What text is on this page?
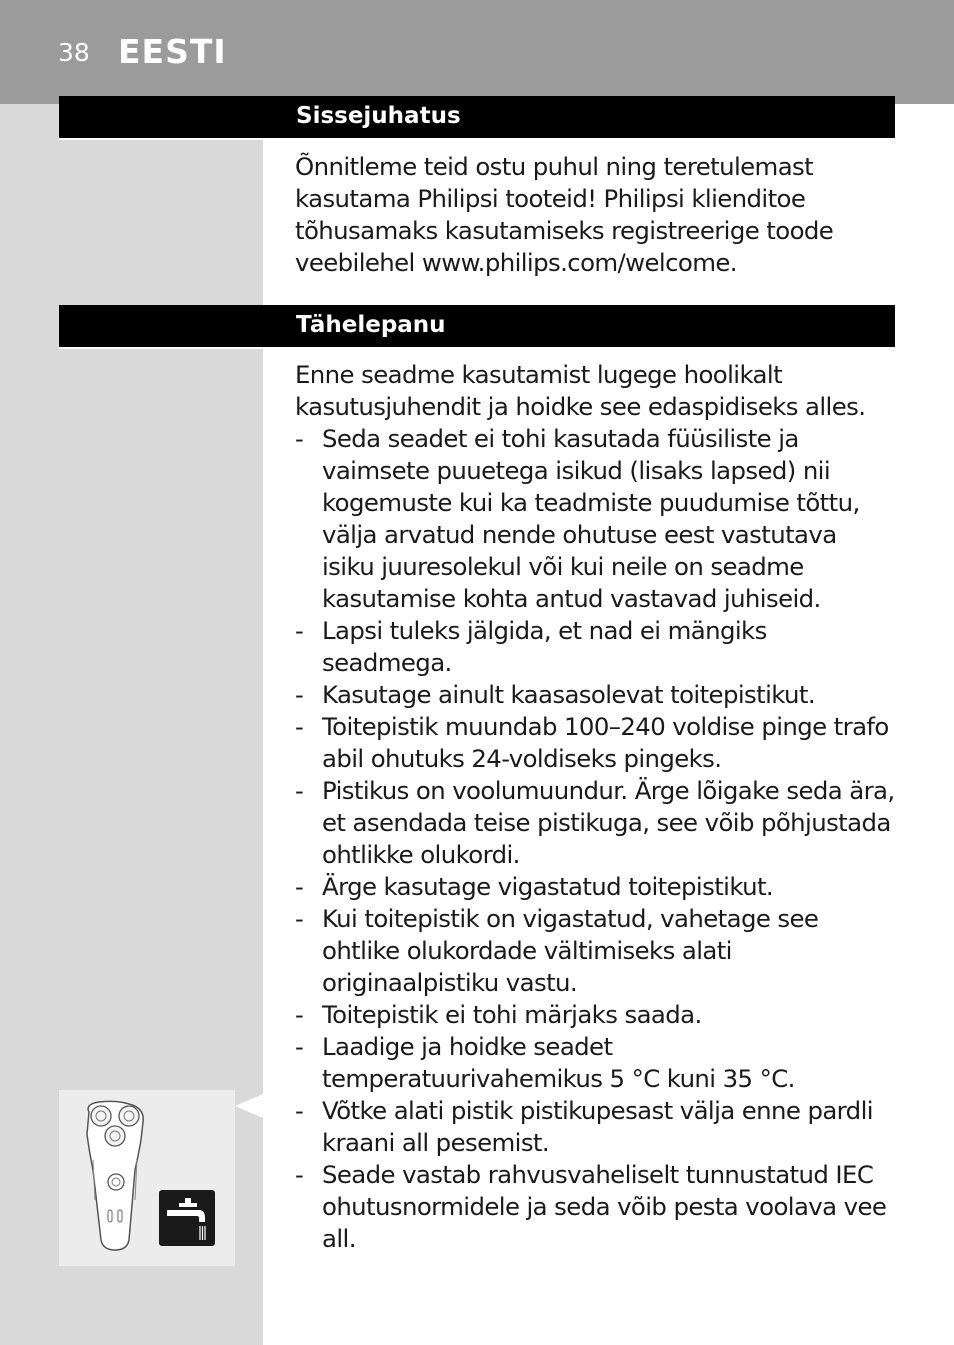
38 EESTI
Sissejuhatus

Õnnitleme teid ostu puhul ning teretulemast kasutama Philipsi tooteid! Philipsi klienditoe tõhusamaks kasutamiseks registreerige toode veebilehel www.philips.com/welcome.

Tähelepanu

Enne seadme kasutamist lugege hoolikalt kasutusjuhendit ja hoidke see edaspidiseks alles.

- Seda seadet ei tohi kasutada füüsiliste ja vaimsete puuetega isikud (lisaks lapsed) nii kogemuste kui ka teadmiste puudumise tõttu, välja arvatud nende ohutuse eest vastutava isiku juuresolekul või kui neile on seadme kasutamise kohta antud vastavad juhiseid.
- Lapsi tuleks jälgida, et nad ei mängiks seadmega.
- Kasutage ainult kaasasolevat toitepistikut.
- Toitepistik muundab 100–240 voldise pinge trafo abil ohutuks 24-voldiseks pingeks.
- Pistikus on voolumuundur. Ärge lõigake seda ära, et asendada teise pistikuga, see võib põhjustada ohtlikke olukordi.
- Ärge kasutage vigastatud toitepistikut.
- Kui toitepistik on vigastatud, vahetage see ohtlike olukordade vältimiseks alati originaalpistiku vastu.
- Toitepistik ei tohi märjaks saada.
- Laadige ja hoidke seadet temperatuurivahemikus 5 °C kuni 35 °C.
- Võtke alati pistik pistikupesast välja enne pardli kraani all pesemist.
- Seade vastab rahvusvaheliselt tunnustatud IEC ohutusnormidele ja seda võib pesta voolava vee all.
